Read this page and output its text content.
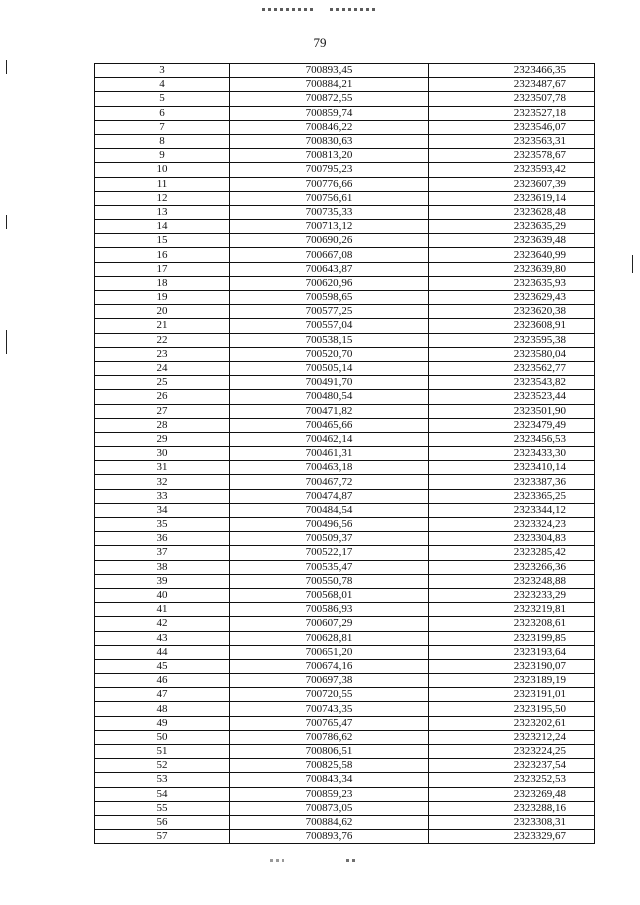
79
3	700893,45	2323466,35
4	700884,21	2323487,67
5	700872,55	2323507,78
6	700859,74	2323527,18
7	700846,22	2323546,07
8	700830,63	2323563,31
9	700813,20	2323578,67
10	700795,23	2323593,42
11	700776,66	2323607,39
12	700756,61	2323619,14
13	700735,33	2323628,48
14	700713,12	2323635,29
15	700690,26	2323639,48
16	700667,08	2323640,99
17	700643,87	2323639,80
18	700620,96	2323635,93
19	700598,65	2323629,43
20	700577,25	2323620,38
21	700557,04	2323608,91
22	700538,15	2323595,38
23	700520,70	2323580,04
24	700505,14	2323562,77
25	700491,70	2323543,82
26	700480,54	2323523,44
27	700471,82	2323501,90
28	700465,66	2323479,49
29	700462,14	2323456,53
30	700461,31	2323433,30
31	700463,18	2323410,14
32	700467,72	2323387,36
33	700474,87	2323365,25
34	700484,54	2323344,12
35	700496,56	2323324,23
36	700509,37	2323304,83
37	700522,17	2323285,42
38	700535,47	2323266,36
39	700550,78	2323248,88
40	700568,01	2323233,29
41	700586,93	2323219,81
42	700607,29	2323208,61
43	700628,81	2323199,85
44	700651,20	2323193,64
45	700674,16	2323190,07
46	700697,38	2323189,19
47	700720,55	2323191,01
48	700743,35	2323195,50
49	700765,47	2323202,61
50	700786,62	2323212,24
51	700806,51	2323224,25
52	700825,58	2323237,54
53	700843,34	2323252,53
54	700859,23	2323269,48
55	700873,05	2323288,16
56	700884,62	2323308,31
57	700893,76	2323329,67
